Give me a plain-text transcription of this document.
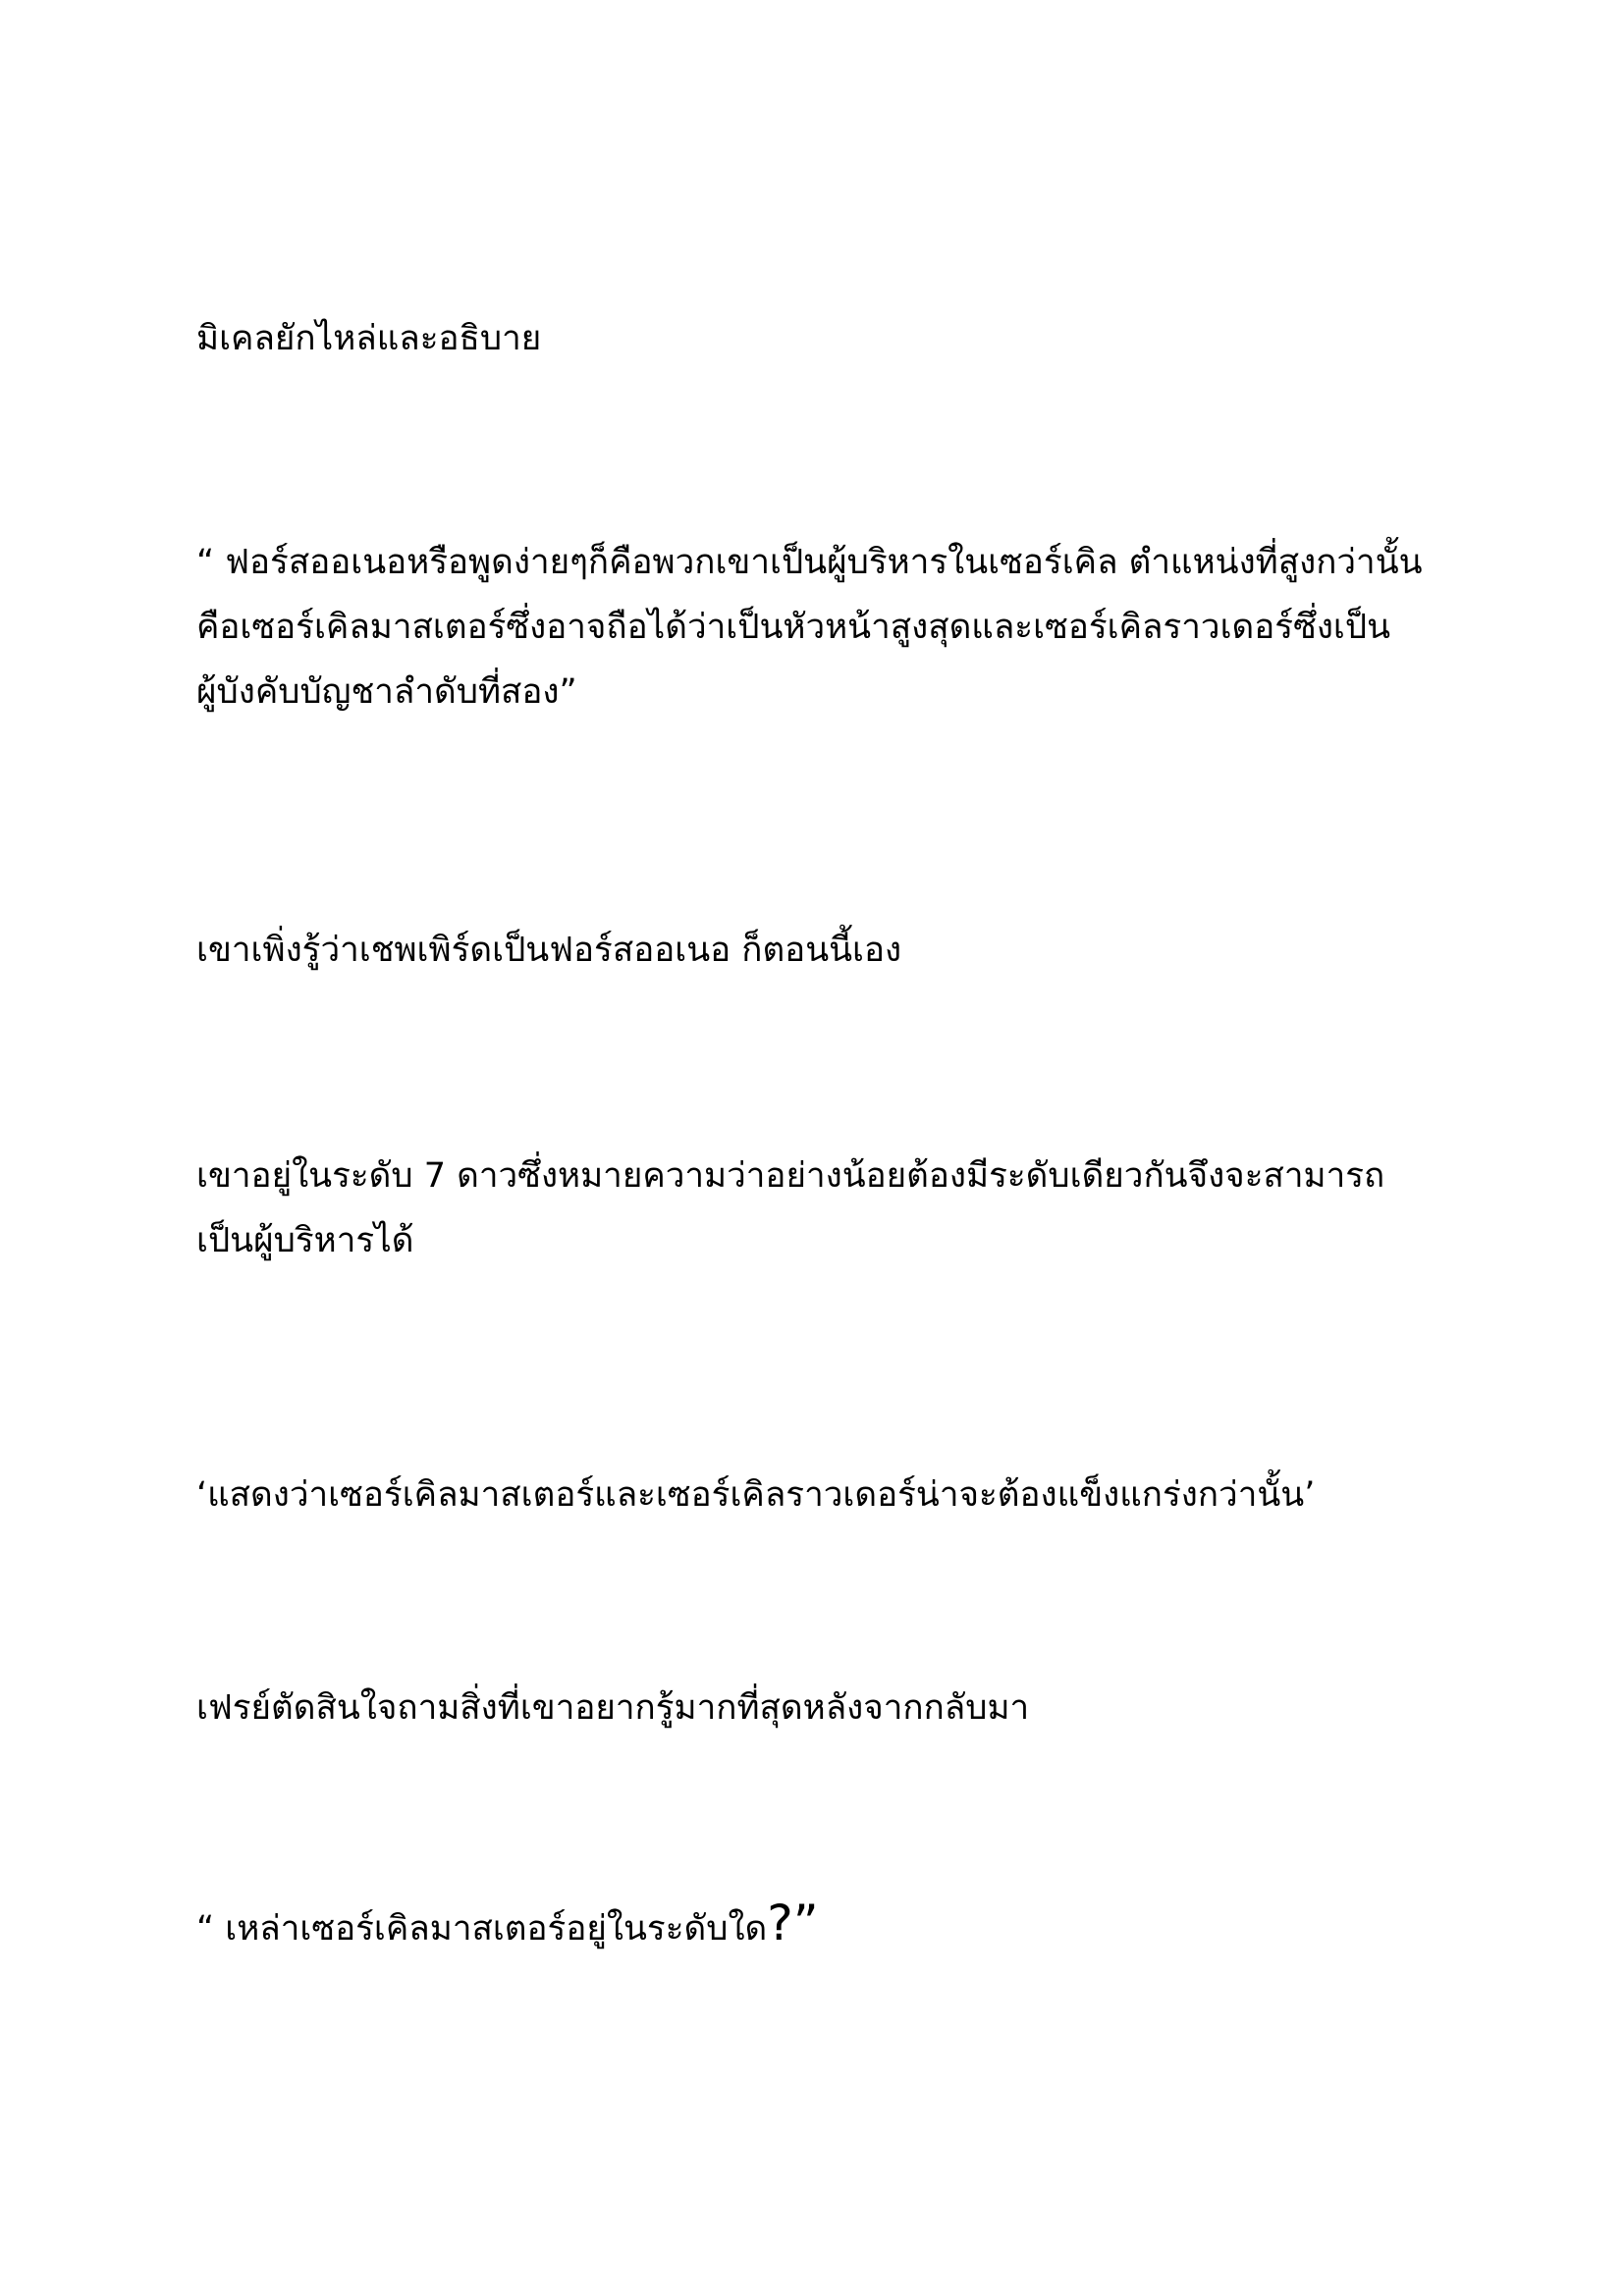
มิเคลยักไหล่และอธิบาย

“ ฟอร์สออเนอหรือพูดง่ายๆก็คือพวกเขาเป็นผู้บริหารในเซอร์เคิล ตำแหน่งที่สูงกว่านั้น
คือเซอร์เคิลมาสเตอร์ซึ่งอาจถือได้ว่าเป็นหัวหน้าสูงสุดและเซอร์เคิลราวเดอร์ซึ่งเป็น
ผู้บังคับบัญชาลำดับที่สอง”

เขาเพิ่งรู้ว่าเชพเพิร์ดเป็นฟอร์สออเนอ ก็ตอนนี้เอง

เขาอยู่ในระดับ 7 ดาวซึ่งหมายความว่าอย่างน้อยต้องมีระดับเดียวกันจึงจะสามารถ
เป็นผู้บริหารได้

‘แสดงว่าเซอร์เคิลมาสเตอร์และเซอร์เคิลราวเดอร์น่าจะต้องแข็งแกร่งกว่านั้น’

เฟรย์ตัดสินใจถามสิ่งที่เขาอยากรู้มากที่สุดหลังจากกลับมา

“ เหล่าเซอร์เคิลมาสเตอร์อยู่ในระดับใด?”
